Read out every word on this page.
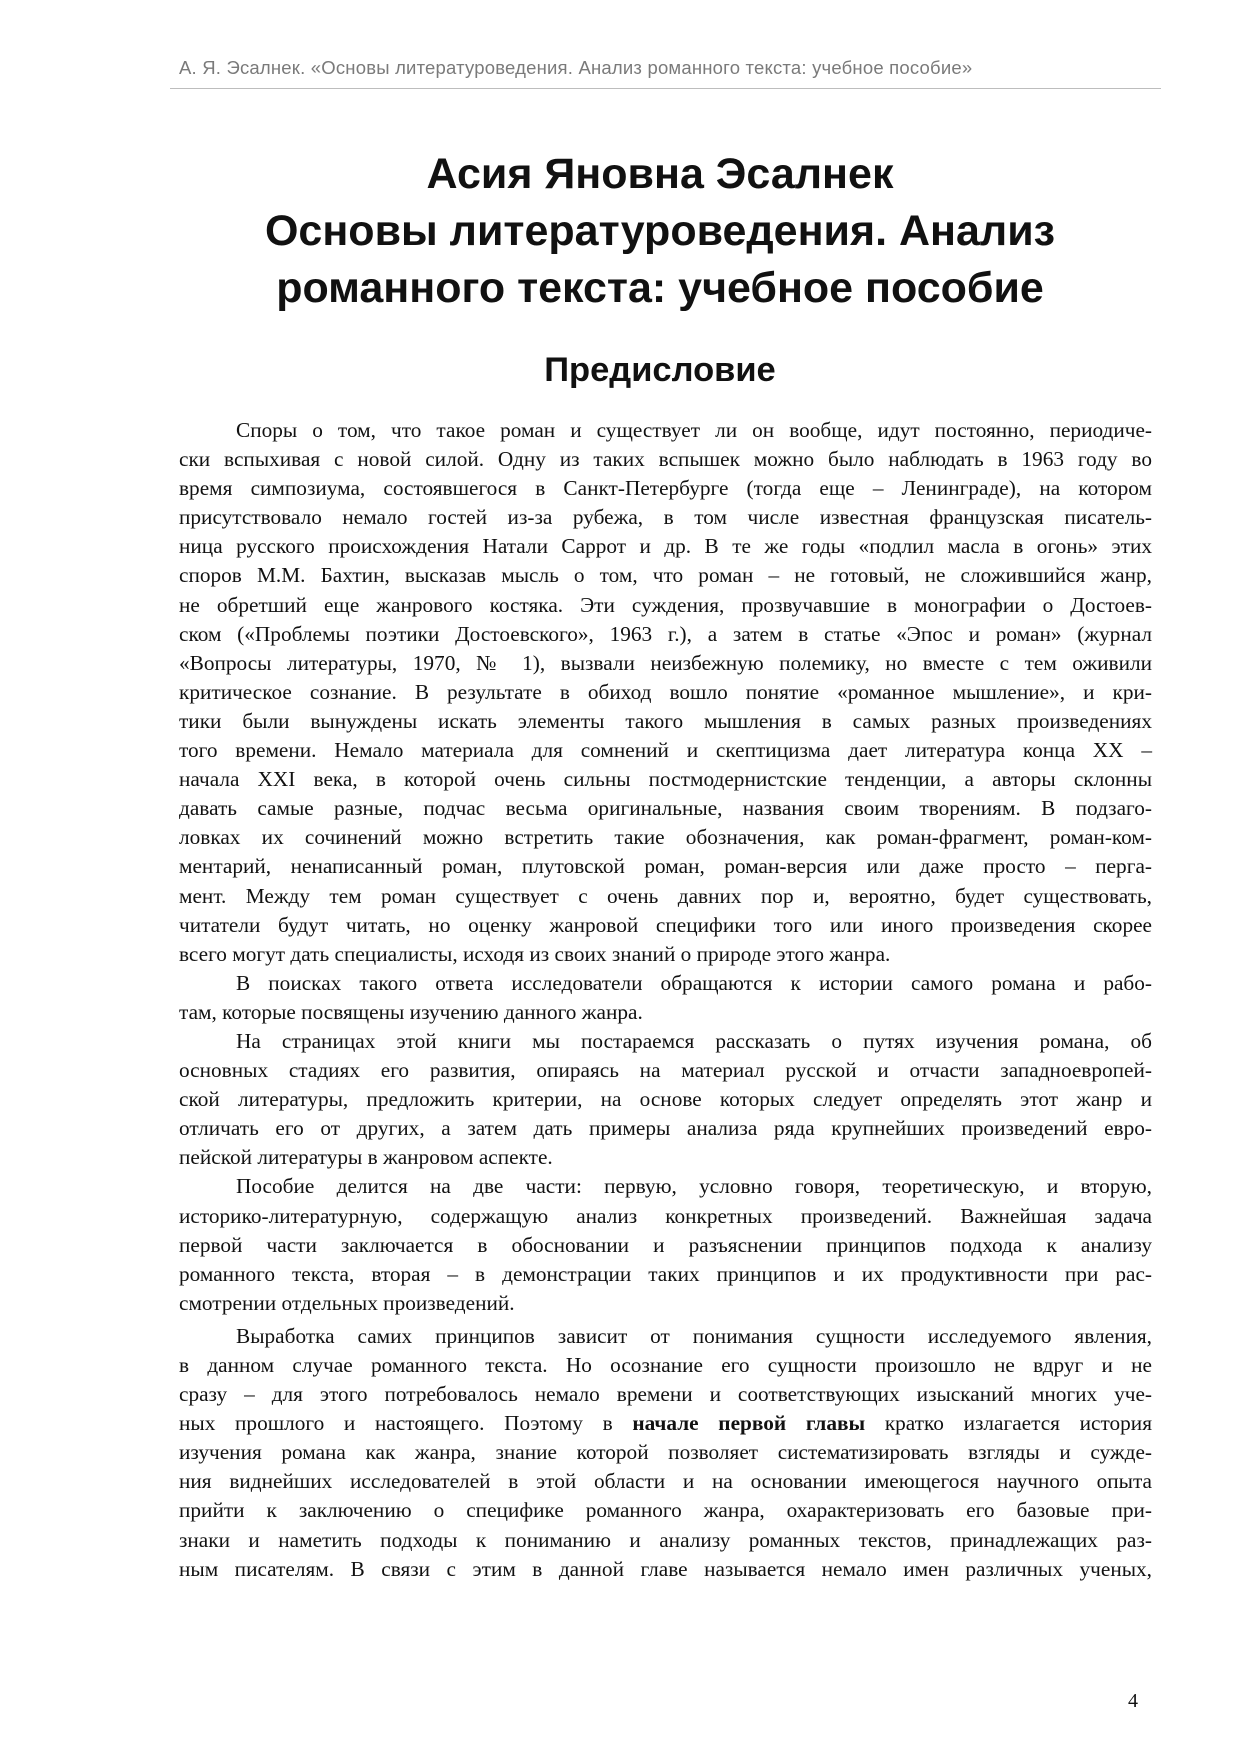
А. Я. Эсалнек. «Основы литературоведения. Анализ романного текста: учебное пособие»
Асия Яновна Эсалнек
Основы литературоведения. Анализ
романного текста: учебное пособие
Предисловие
Споры о том, что такое роман и существует ли он вообще, идут постоянно, периодиче-
ски вспыхивая с новой силой. Одну из таких вспышек можно было наблюдать в 1963 году во
время симпозиума, состоявшегося в Санкт-Петербурге (тогда еще – Ленинграде), на котором
присутствовало немало гостей из-за рубежа, в том числе известная французская писатель-
ница русского происхождения Натали Саррот и др. В те же годы «подлил масла в огонь» этих
споров М.М. Бахтин, высказав мысль о том, что роман – не готовый, не сложившийся жанр,
не обретший еще жанрового костяка. Эти суждения, прозвучавшие в монографии о Достоев-
ском («Проблемы поэтики Достоевского», 1963 г.), а затем в статье «Эпос и роман» (журнал
«Вопросы литературы, 1970, № 1), вызвали неизбежную полемику, но вместе с тем оживили
критическое сознание. В результате в обиход вошло понятие «романное мышление», и кри-
тики были вынуждены искать элементы такого мышления в самых разных произведениях
того времени. Немало материала для сомнений и скептицизма дает литература конца XX –
начала XXI века, в которой очень сильны постмодернистские тенденции, а авторы склонны
давать самые разные, подчас весьма оригинальные, названия своим творениям. В подзаго-
ловках их сочинений можно встретить такие обозначения, как роман-фрагмент, роман-ком-
ментарий, ненаписанный роман, плутовской роман, роман-версия или даже просто – перга-
мент. Между тем роман существует с очень давних пор и, вероятно, будет существовать,
читатели будут читать, но оценку жанровой специфики того или иного произведения скорее
всего могут дать специалисты, исходя из своих знаний о природе этого жанра.
В поисках такого ответа исследователи обращаются к истории самого романа и рабо-
там, которые посвящены изучению данного жанра.
На страницах этой книги мы постараемся рассказать о путях изучения романа, об
основных стадиях его развития, опираясь на материал русской и отчасти западноевропей-
ской литературы, предложить критерии, на основе которых следует определять этот жанр и
отличать его от других, а затем дать примеры анализа ряда крупнейших произведений евро-
пейской литературы в жанровом аспекте.
Пособие делится на две части: первую, условно говоря, теоретическую, и вторую,
историко-литературную, содержащую анализ конкретных произведений. Важнейшая задача
первой части заключается в обосновании и разъяснении принципов подхода к анализу
романного текста, вторая – в демонстрации таких принципов и их продуктивности при рас-
смотрении отдельных произведений.
Выработка самих принципов зависит от понимания сущности исследуемого явления,
в данном случае романного текста. Но осознание его сущности произошло не вдруг и не
сразу – для этого потребовалось немало времени и соответствующих изысканий многих уче-
ных прошлого и настоящего. Поэтому в начале первой главы кратко излагается история
изучения романа как жанра, знание которой позволяет систематизировать взгляды и сужде-
ния виднейших исследователей в этой области и на основании имеющегося научного опыта
прийти к заключению о специфике романного жанра, охарактеризовать его базовые при-
знаки и наметить подходы к пониманию и анализу романных текстов, принадлежащих раз-
ным писателям. В связи с этим в данной главе называется немало имен различных ученых,
4
